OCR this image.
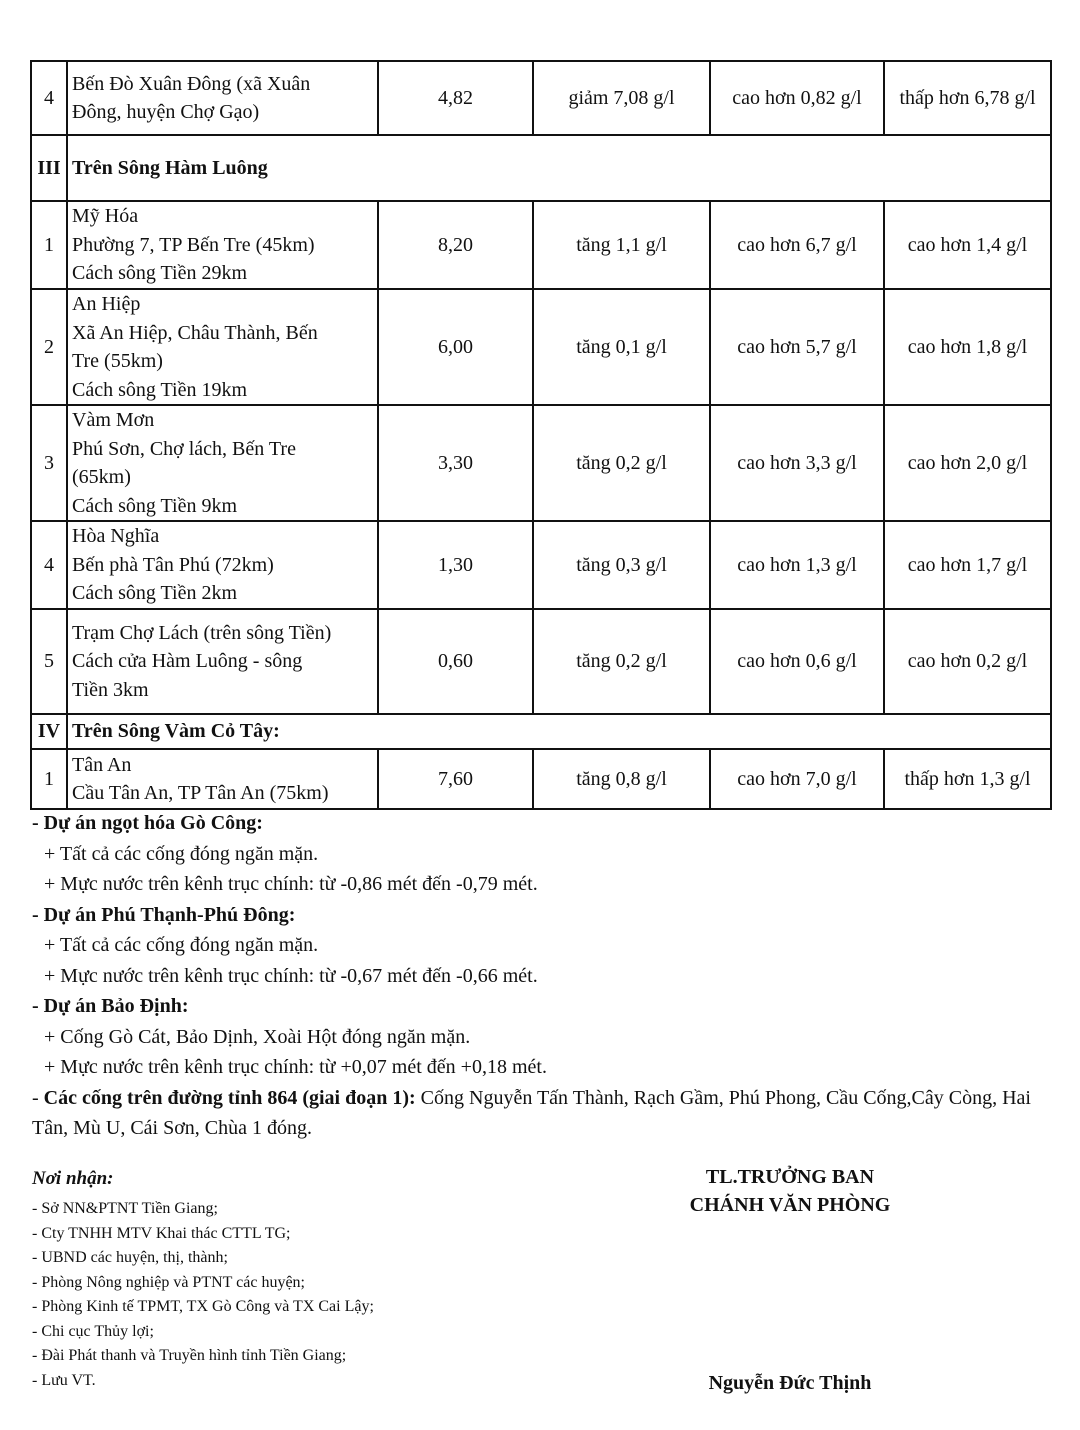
4	Bến Đò Xuân Đông (xã Xuân
Đông, huyện Chợ Gạo)	4,82	giảm 7,08 g/l	cao hơn 0,82 g/l	thấp hơn 6,78 g/l
III	Trên Sông Hàm Luông				
1	Mỹ Hóa
Phường 7, TP Bến Tre (45km)
Cách sông Tiền 29km	8,20	tăng 1,1 g/l	cao hơn 6,7 g/l	cao hơn 1,4 g/l
2	An Hiệp
Xã An Hiệp, Châu Thành, Bến
Tre (55km)
Cách sông Tiền 19km	6,00	tăng 0,1 g/l	cao hơn 5,7 g/l	cao hơn 1,8 g/l
3	Vàm Mơn
Phú Sơn, Chợ lách, Bến Tre
(65km)
Cách sông Tiền 9km	3,30	tăng 0,2 g/l	cao hơn 3,3 g/l	cao hơn 2,0 g/l
4	Hòa Nghĩa
Bến phà Tân Phú (72km)
Cách sông Tiền 2km	1,30	tăng 0,3 g/l	cao hơn 1,3 g/l	cao hơn 1,7 g/l
5	Trạm Chợ Lách (trên sông Tiền)
Cách cửa Hàm Luông - sông
Tiền 3km	0,60	tăng 0,2 g/l	cao hơn 0,6 g/l	cao hơn 0,2 g/l
IV	Trên Sông Vàm Cỏ Tây:				
1	Tân An
Cầu Tân An, TP Tân An (75km)	7,60	tăng 0,8 g/l	cao hơn 7,0 g/l	thấp hơn 1,3 g/l
- Dự án ngọt hóa Gò Công:
+ Tất cả các cống đóng ngăn mặn.
+ Mực nước trên kênh trục chính: từ -0,86 mét đến -0,79 mét.
- Dự án Phú Thạnh-Phú Đông:
+ Tất cả các cống đóng ngăn mặn.
+ Mực nước trên kênh trục chính: từ -0,67 mét đến -0,66 mét.
- Dự án Bảo Định:
+ Cống Gò Cát, Bảo Dịnh, Xoài Hột đóng ngăn mặn.
+ Mực nước trên kênh trục chính: từ +0,07 mét đến +0,18 mét.
- Các cống trên đường tỉnh 864 (giai đoạn 1): Cống Nguyễn Tấn Thành, Rạch Gầm, Phú Phong, Cầu Cống,Cây Còng, Hai Tân, Mù U, Cái Sơn, Chùa 1 đóng.
Nơi nhận:
- Sở NN&PTNT Tiền Giang;
- Cty TNHH MTV Khai thác CTTL TG;
- UBND các huyện, thị, thành;
- Phòng Nông nghiệp và PTNT các huyện;
- Phòng Kinh tế TPMT, TX Gò Công và TX Cai Lậy;
- Chi cục Thủy lợi;
- Đài Phát thanh và Truyền hình tỉnh Tiền Giang;
- Lưu VT.
TL.TRƯỞNG BAN
CHÁNH VĂN PHÒNG
Nguyễn Đức Thịnh
